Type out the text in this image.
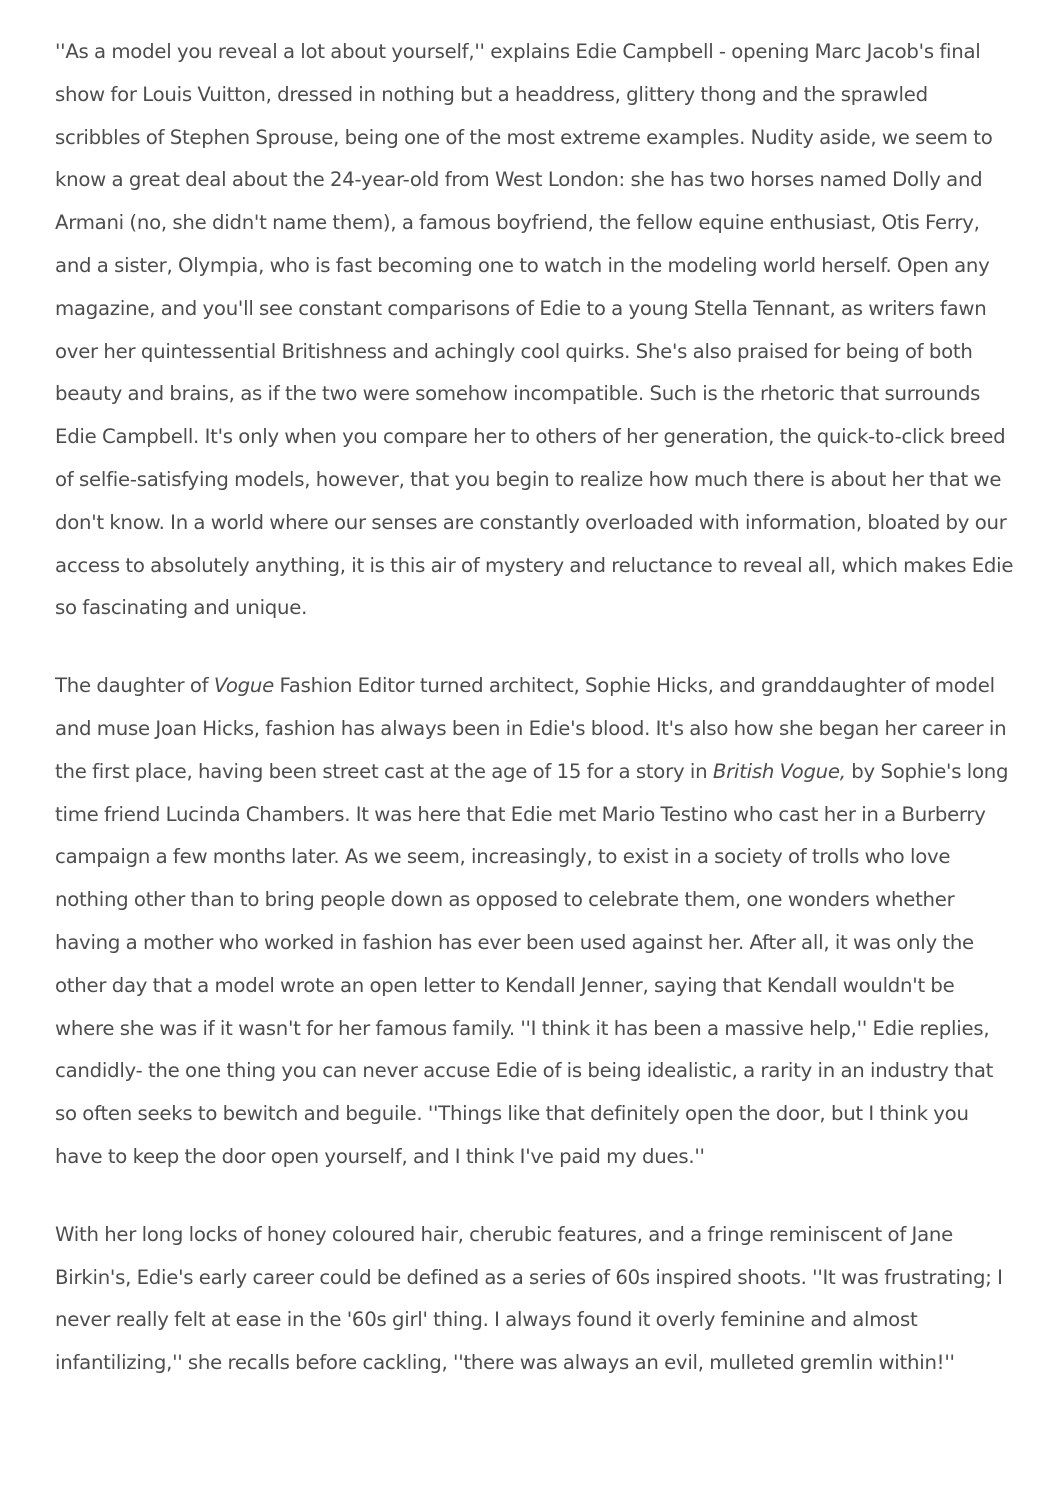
''As a model you reveal a lot about yourself,'' explains Edie Campbell - opening Marc Jacob's final show for Louis Vuitton, dressed in nothing but a headdress, glittery thong and the sprawled scribbles of Stephen Sprouse, being one of the most extreme examples. Nudity aside, we seem to know a great deal about the 24-year-old from West London: she has two horses named Dolly and Armani (no, she didn't name them), a famous boyfriend, the fellow equine enthusiast, Otis Ferry, and a sister, Olympia, who is fast becoming one to watch in the modeling world herself. Open any magazine, and you'll see constant comparisons of Edie to a young Stella Tennant, as writers fawn over her quintessential Britishness and achingly cool quirks. She's also praised for being of both beauty and brains, as if the two were somehow incompatible. Such is the rhetoric that surrounds Edie Campbell. It's only when you compare her to others of her generation, the quick-to-click breed of selfie-satisfying models, however, that you begin to realize how much there is about her that we don't know. In a world where our senses are constantly overloaded with information, bloated by our access to absolutely anything, it is this air of mystery and reluctance to reveal all, which makes Edie so fascinating and unique.

The daughter of Vogue Fashion Editor turned architect, Sophie Hicks, and granddaughter of model and muse Joan Hicks, fashion has always been in Edie's blood. It's also how she began her career in the first place, having been street cast at the age of 15 for a story in British Vogue, by Sophie's long time friend Lucinda Chambers. It was here that Edie met Mario Testino who cast her in a Burberry campaign a few months later. As we seem, increasingly, to exist in a society of trolls who love nothing other than to bring people down as opposed to celebrate them, one wonders whether having a mother who worked in fashion has ever been used against her. After all, it was only the other day that a model wrote an open letter to Kendall Jenner, saying that Kendall wouldn't be where she was if it wasn't for her famous family. ''I think it has been a massive help,'' Edie replies, candidly- the one thing you can never accuse Edie of is being idealistic, a rarity in an industry that so often seeks to bewitch and beguile. ''Things like that definitely open the door, but I think you have to keep the door open yourself, and I think I've paid my dues.''

With her long locks of honey coloured hair, cherubic features, and a fringe reminiscent of Jane Birkin's, Edie's early career could be defined as a series of 60s inspired shoots. ''It was frustrating; I never really felt at ease in the '60s girl' thing. I always found it overly feminine and almost infantilizing,'' she recalls before cackling, ''there was always an evil, mulleted gremlin within!''
